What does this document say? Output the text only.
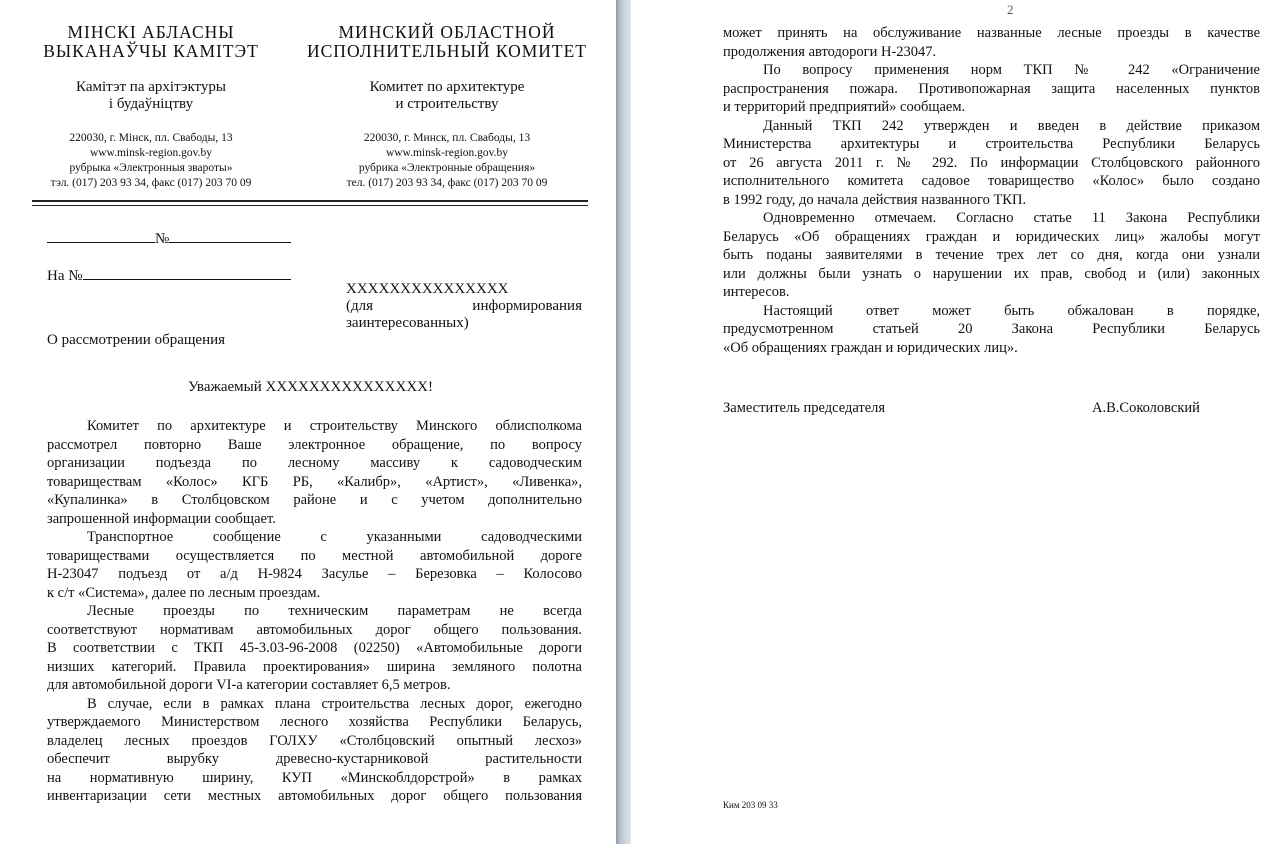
МІНСКІ АБЛАСНЫ
ВЫКАНАЎЧЫ КАМІТЭТ
Камітэт па архітэктуры
і будаўніцтву
220030, г. Мінск, пл. Свабоды, 13
www.minsk-region.gov.by
рубрыка «Электронныя звароты»
тэл. (017) 203 93 34, факс (017) 203 70 09
МИНСКИЙ ОБЛАСТНОЙ
ИСПОЛНИТЕЛЬНЫЙ КОМИТЕТ
Комитет по архитектуре
и строительству
220030, г. Минск, пл. Свабоды, 13
www.minsk-region.gov.by
рубрика «Электронные обращения»
тел. (017) 203 93 34, факс (017) 203 70 09
№
На №
ХХХХХХХХХХХХХХХ
(для	информирования
заинтересованных)
О рассмотрении обращения
Уважаемый ХХХХХХХХХХХХХХХ!
Комитет по архитектуре и строительству Минского облисполкома
рассмотрел повторно Ваше электронное обращение, по вопросу
организации подъезда по лесному массиву к садоводческим
товариществам «Колос» КГБ РБ, «Калибр», «Артист», «Ливенка»,
«Купалинка» в Столбцовском районе и с учетом дополнительно
запрошенной информации сообщает.
Транспортное сообщение с указанными садоводческими
товариществами осуществляется по местной автомобильной дороге
Н-23047 подъезд от а/д Н-9824 Засулье – Березовка – Колосово
к с/т «Система», далее по лесным проездам.
Лесные проезды по техническим параметрам не всегда
соответствуют нормативам автомобильных дорог общего пользования.
В соответствии с ТКП 45-3.03-96-2008 (02250) «Автомобильные дороги
низших категорий. Правила проектирования» ширина земляного полотна
для автомобильной дороги VI-а категории составляет 6,5 метров.
В случае, если в рамках плана строительства лесных дорог, ежегодно
утверждаемого Министерством лесного хозяйства Республики Беларусь,
владелец лесных проездов ГОЛХУ «Столбцовский опытный лесхоз»
обеспечит вырубку древесно-кустарниковой растительности
на нормативную ширину, КУП «Минскоблдорстрой» в рамках
инвентаризации сети местных автомобильных дорог общего пользования
2
может принять на обслуживание названные лесные проезды в качестве
продолжения автодороги Н-23047.
По вопросу применения норм ТКП № 242 «Ограничение
распространения пожара. Противопожарная защита населенных пунктов
и территорий предприятий» сообщаем.
Данный ТКП 242 утвержден и введен в действие приказом
Министерства архитектуры и строительства Республики Беларусь
от 26 августа 2011 г. № 292. По информации Столбцовского районного
исполнительного комитета садовое товарищество «Колос» было создано
в 1992 году, до начала действия названного ТКП.
Одновременно отмечаем. Согласно статье 11 Закона Республики
Беларусь «Об обращениях граждан и юридических лиц» жалобы могут
быть поданы заявителями в течение трех лет со дня, когда они узнали
или должны были узнать о нарушении их прав, свобод и (или) законных
интересов.
Настоящий ответ может быть обжалован в порядке,
предусмотренном статьей 20 Закона Республики Беларусь
«Об обращениях граждан и юридических лиц».
Заместитель председателя	А.В.Соколовский
Ким 203 09 33
